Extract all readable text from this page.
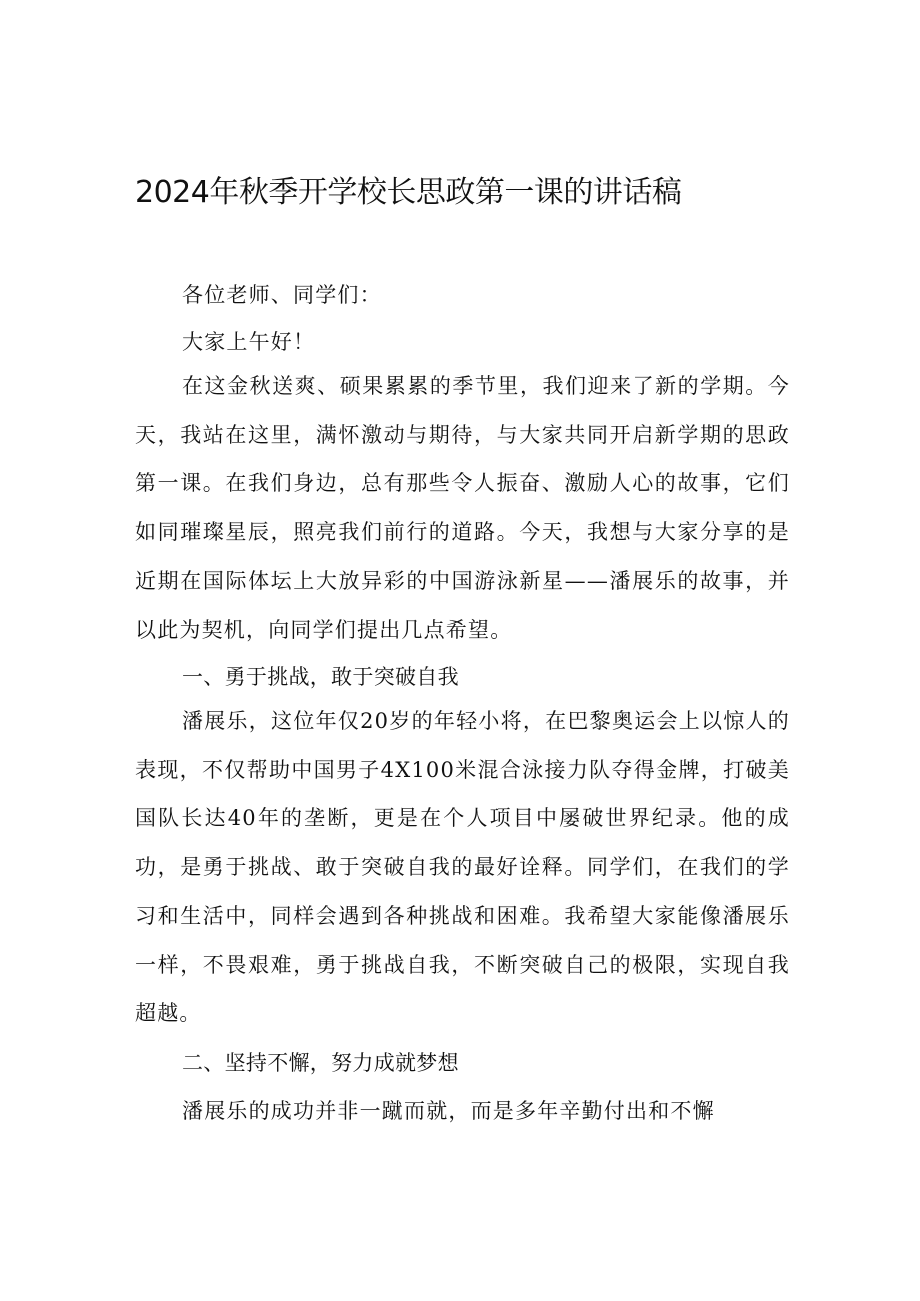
2024年秋季开学校长思政第一课的讲话稿

各位老师、同学们：

大家上午好！

在这金秋送爽、硕果累累的季节里，我们迎来了新的学期。今天，我站在这里，满怀激动与期待，与大家共同开启新学期的思政第一课。在我们身边，总有那些令人振奋、激励人心的故事，它们如同璀璨星辰，照亮我们前行的道路。今天，我想与大家分享的是近期在国际体坛上大放异彩的中国游泳新星——潘展乐的故事，并以此为契机，向同学们提出几点希望。

一、勇于挑战，敢于突破自我

潘展乐，这位年仅20岁的年轻小将，在巴黎奥运会上以惊人的表现，不仅帮助中国男子4X100米混合泳接力队夺得金牌，打破美国队长达40年的垄断，更是在个人项目中屡破世界纪录。他的成功，是勇于挑战、敢于突破自我的最好诠释。同学们，在我们的学习和生活中，同样会遇到各种挑战和困难。我希望大家能像潘展乐一样，不畏艰难，勇于挑战自我，不断突破自己的极限，实现自我超越。

二、坚持不懈，努力成就梦想

潘展乐的成功并非一蹴而就，而是多年辛勤付出和不懈
